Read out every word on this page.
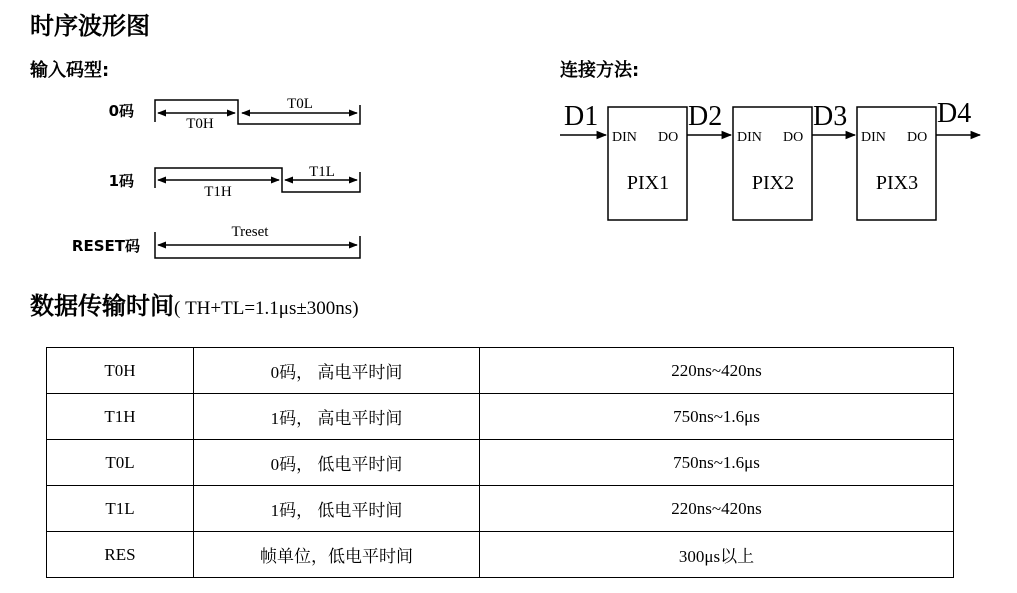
时序波形图
输入码型:
0码
1码
RESET码
T0H
T0L
T1H
T1L
Treset
连接方法:
D1	D2	D3	D4
DIN DO
PIX1
DIN DO
PIX2
DIN DO
PIX3
数据传输时间( TH+TL=1.1μs±300ns)
T0H	0码， 高电平时间	220ns~420ns
T1H	1码， 高电平时间	750ns~1.6μs
T0L	0码， 低电平时间	750ns~1.6μs
T1L	1码， 低电平时间	220ns~420ns
RES	帧单位，低电平时间	300μs以上
